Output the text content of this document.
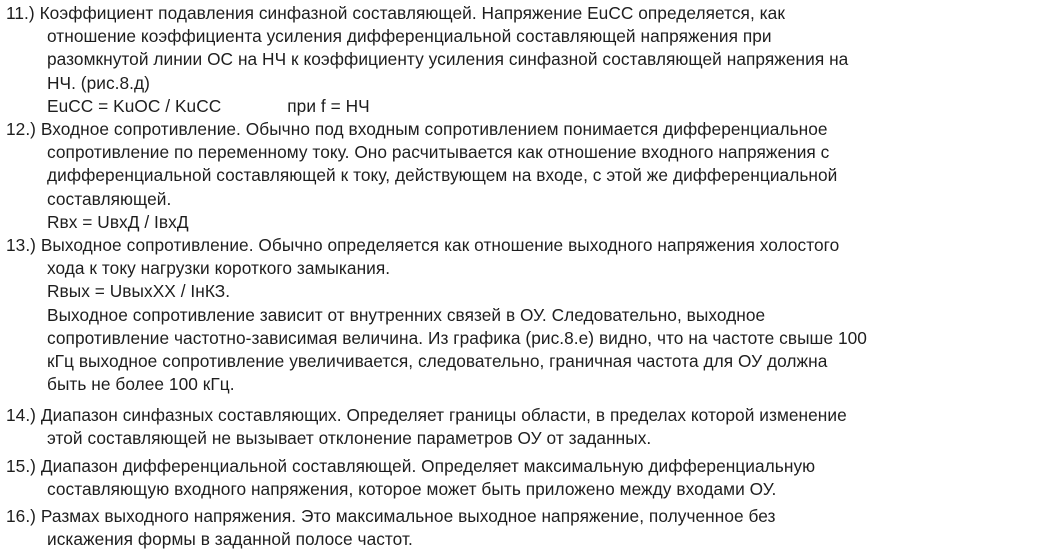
11.) Коэффициент подавления синфазной составляющей. Напряжение EuCC определяется, как
отношение коэффициента усиления дифференциальной составляющей напряжения при
разомкнутой линии ОС на НЧ к коэффициенту усиления синфазной составляющей напряжения на
НЧ. (рис.8.д)
EuCC = KuOC / KuCC	при f = НЧ
12.) Входное сопротивление. Обычно под входным сопротивлением понимается дифференциальное
сопротивление по переменному току. Оно расчитывается как отношение входного напряжения с
дифференциальной составляющей к току, действующем на входе, с этой же дифференциальной
составляющей.
Rвх = UвхД / IвхД
13.) Выходное сопротивление. Обычно определяется как отношение выходного напряжения холостого
хода к току нагрузки короткого замыкания.
Rвых = UвыхXX / IнКЗ.
Выходное сопротивление зависит от внутренних связей в ОУ. Следовательно, выходное
сопротивление частотно-зависимая величина. Из графика (рис.8.е) видно, что на частоте свыше 100
кГц выходное сопротивление увеличивается, следовательно, граничная частота для ОУ должна
быть не более 100 кГц.
14.) Диапазон синфазных составляющих. Определяет границы области, в пределах которой изменение
этой составляющей не вызывает отклонение параметров ОУ от заданных.
15.) Диапазон дифференциальной составляющей. Определяет максимальную дифференциальную
составляющую входного напряжения, которое может быть приложено между входами ОУ.
16.) Размах выходного напряжения. Это максимальное выходное напряжение, полученное без
искажения формы в заданной полосе частот.
